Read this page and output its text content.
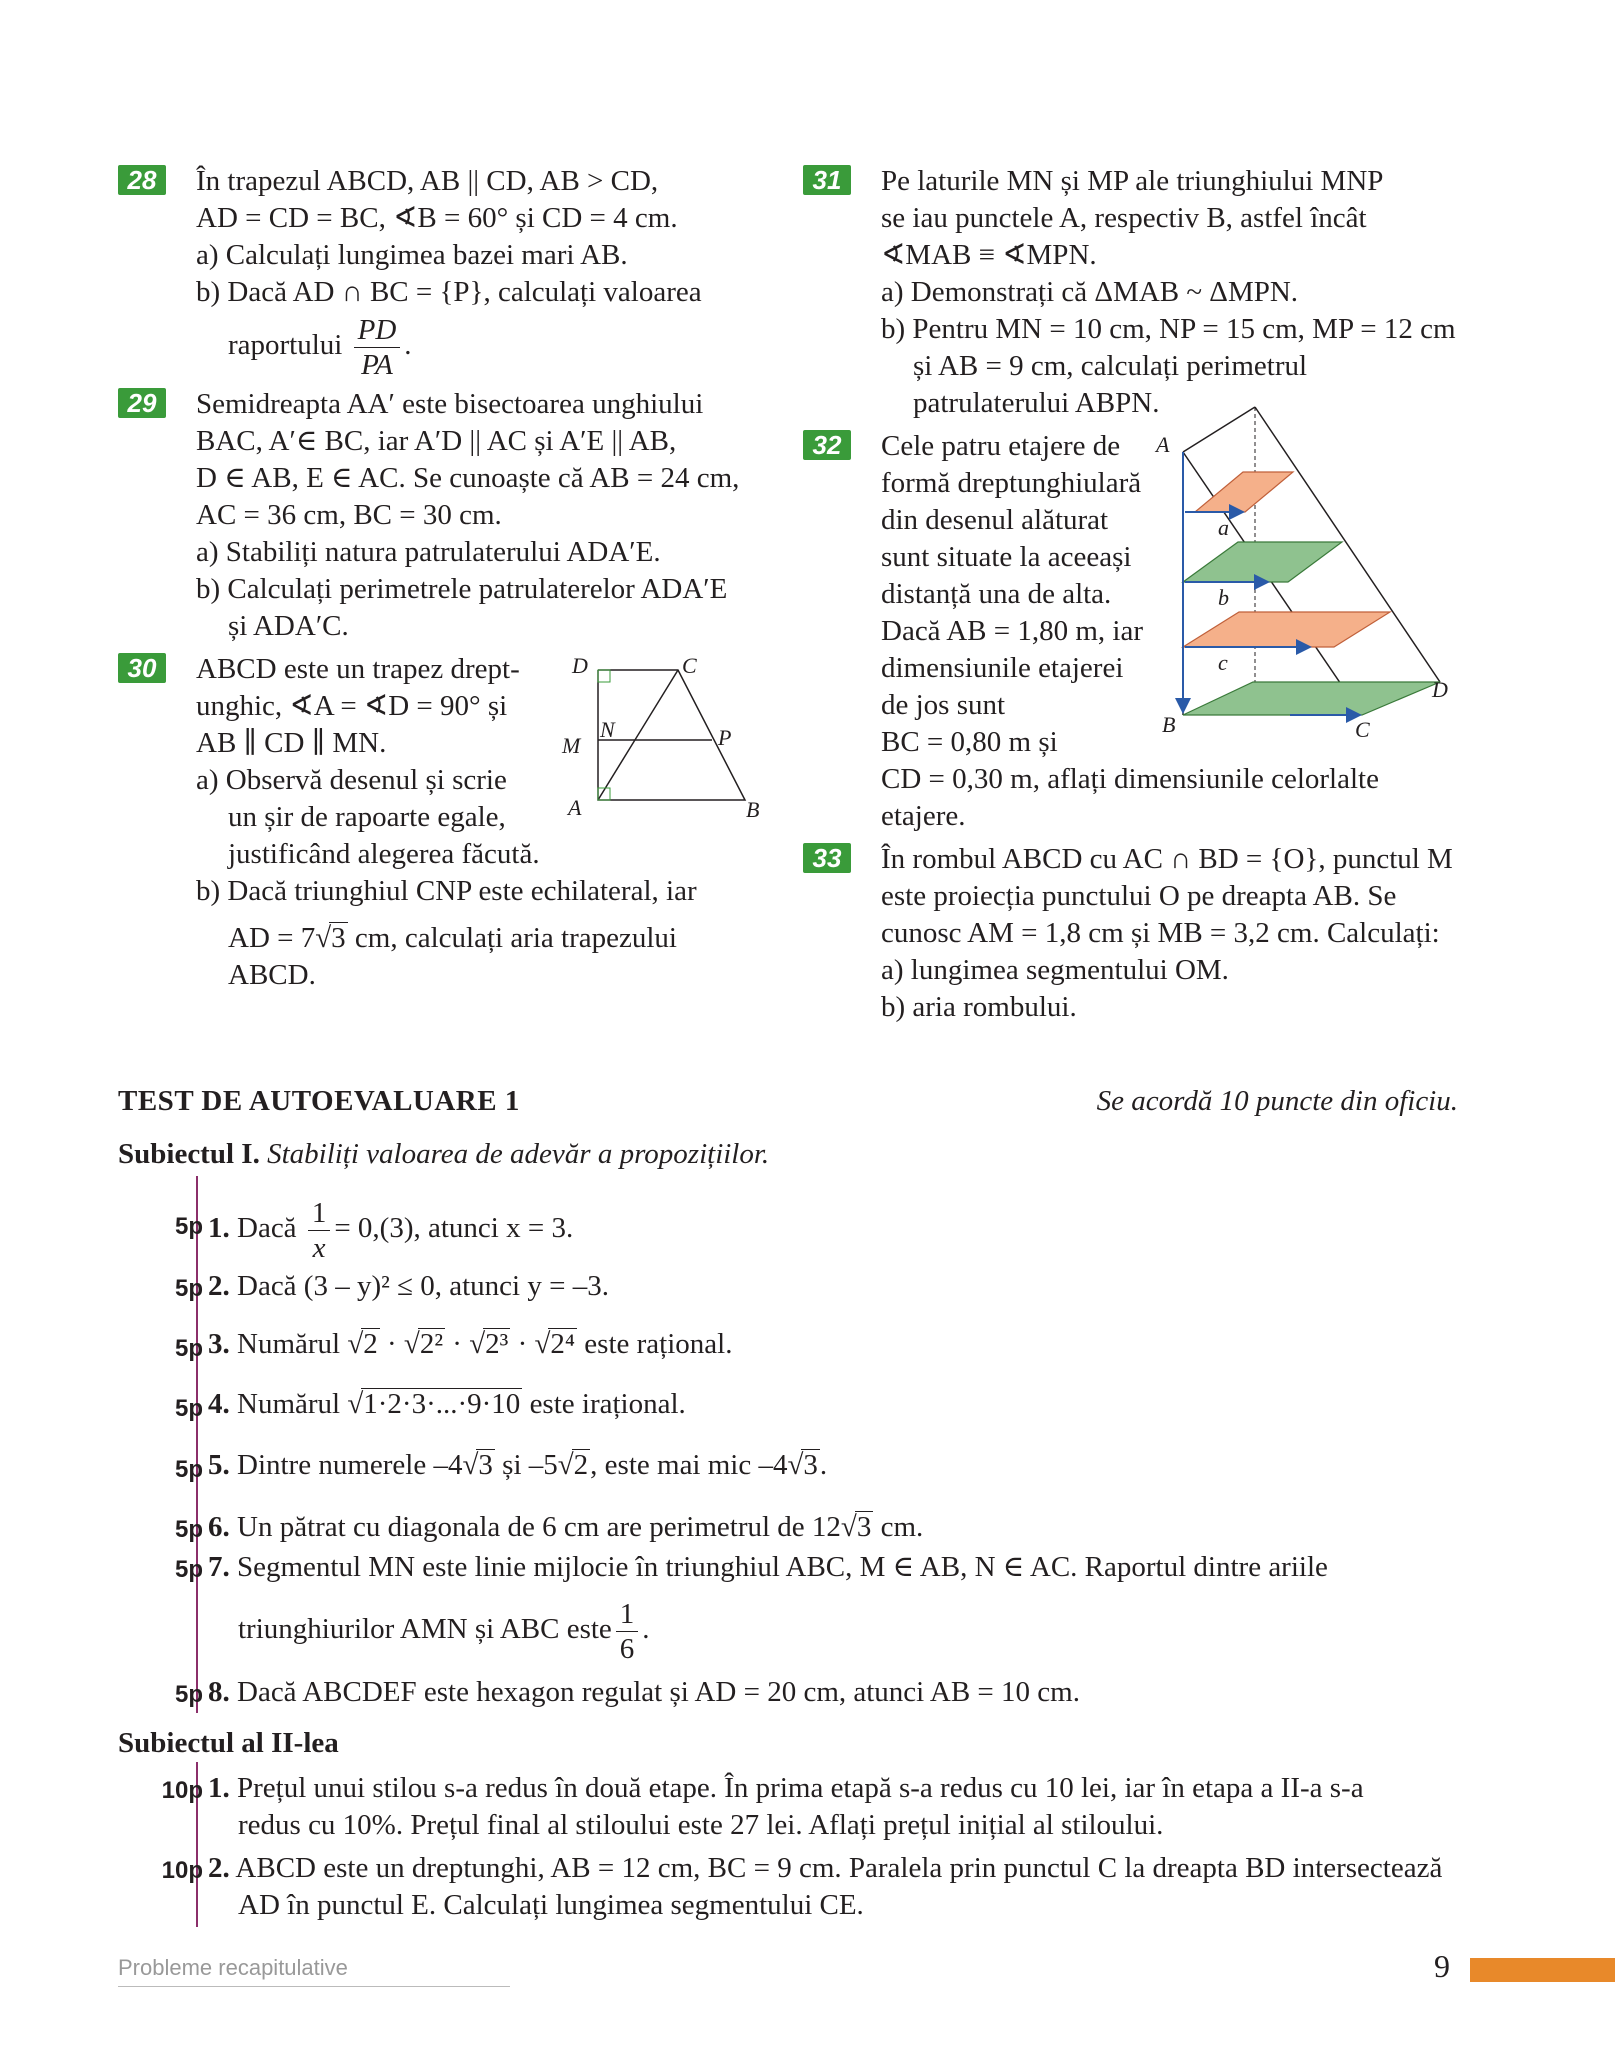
28	În trapezul ABCD, AB || CD, AB > CD,
AD = CD = BC, ∢B = 60° și CD = 4 cm.
a) Calculați lungimea bazei mari AB.
b) Dacă AD ∩ BC = {P}, calculați valoarea
raportului $\frac{PD}{PA}$ .
29	Semidreapta AA′ este bisectoarea unghiului
BAC, A′∈ BC, iar A′D || AC și A′E || AB,
D ∈ AB, E ∈ AC. Se cunoaște că AB = 24 cm,
AC = 36 cm, BC = 30 cm.
a) Stabiliți natura patrulaterului ADA′E.
b) Calculați perimetrele patrulaterelor ADA′E
și ADA′C.
30	ABCD este un trapez drept-
unghic, ∢A = ∢D = 90° și
AB ∥ CD ∥ MN.
a) Observă desenul și scrie
un șir de rapoarte egale,
justificând alegerea făcută.
b) Dacă triunghiul CNP este echilateral, iar
AD = 7√3 cm, calculați aria trapezului
ABCD.
D	C
M
N	P
A	B
31	Pe laturile MN și MP ale triunghiului MNP
se iau punctele A, respectiv B, astfel încât
∢MAB ≡ ∢MPN.
a) Demonstrați că ΔMAB ~ ΔMPN.
b) Pentru MN = 10 cm, NP = 15 cm, MP = 12 cm
și AB = 9 cm, calculați perimetrul
patrulaterului ABPN.
32	Cele patru etajere de
formă dreptunghiulară
din desenul alăturat
sunt situate la aceeași
distanță una de alta.
Dacă AB = 1,80 m, iar
dimensiunile etajerei
de jos sunt
BC = 0,80 m și
CD = 0,30 m, aflați dimensiunile celorlalte
etajere.
33	În rombul ABCD cu AC ∩ BD = {O}, punctul M
este proiecția punctului O pe dreapta AB. Se
cunosc AM = 1,8 cm și MB = 3,2 cm. Calculați:
a) lungimea segmentului OM.
b) aria rombului.
A
a
b
c
B	C
D
TEST DE AUTOEVALUARE 1	Se acordă 10 puncte din oficiu.
Subiectul I. Stabiliți valoarea de adevăr a propozițiilor.
5p 1. Dacă $\frac{1}{x} = 0,(3)$, atunci x = 3.
5p 2. Dacă (3 – y)² ≤ 0, atunci y = –3.
5p 3. Numărul √2 · √2² · √2³ · √2⁴ este rațional.
5p 4. Numărul √1·2·3·...·9·10 este irațional.
5p 5. Dintre numerele –4√3 și –5√2, este mai mic –4√3.
5p 6. Un pătrat cu diagonala de 6 cm are perimetrul de 12√3 cm.
5p 7. Segmentul MN este linie mijlocie în triunghiul ABC, M ∈ AB, N ∈ AC. Raportul dintre ariile
triunghiurilor AMN și ABC este $\frac{1}{6}$ .
5p 8. Dacă ABCDEF este hexagon regulat și AD = 20 cm, atunci AB = 10 cm.
Subiectul al II-lea
10p 1. Prețul unui stilou s-a redus în două etape. În prima etapă s-a redus cu 10 lei, iar în etapa a II-a s-a
redus cu 10%. Prețul final al stiloului este 27 lei. Aflați prețul inițial al stiloului.
10p 2. ABCD este un dreptunghi, AB = 12 cm, BC = 9 cm. Paralela prin punctul C la dreapta BD intersectează
AD în punctul E. Calculați lungimea segmentului CE.
Probleme recapitulative	9
